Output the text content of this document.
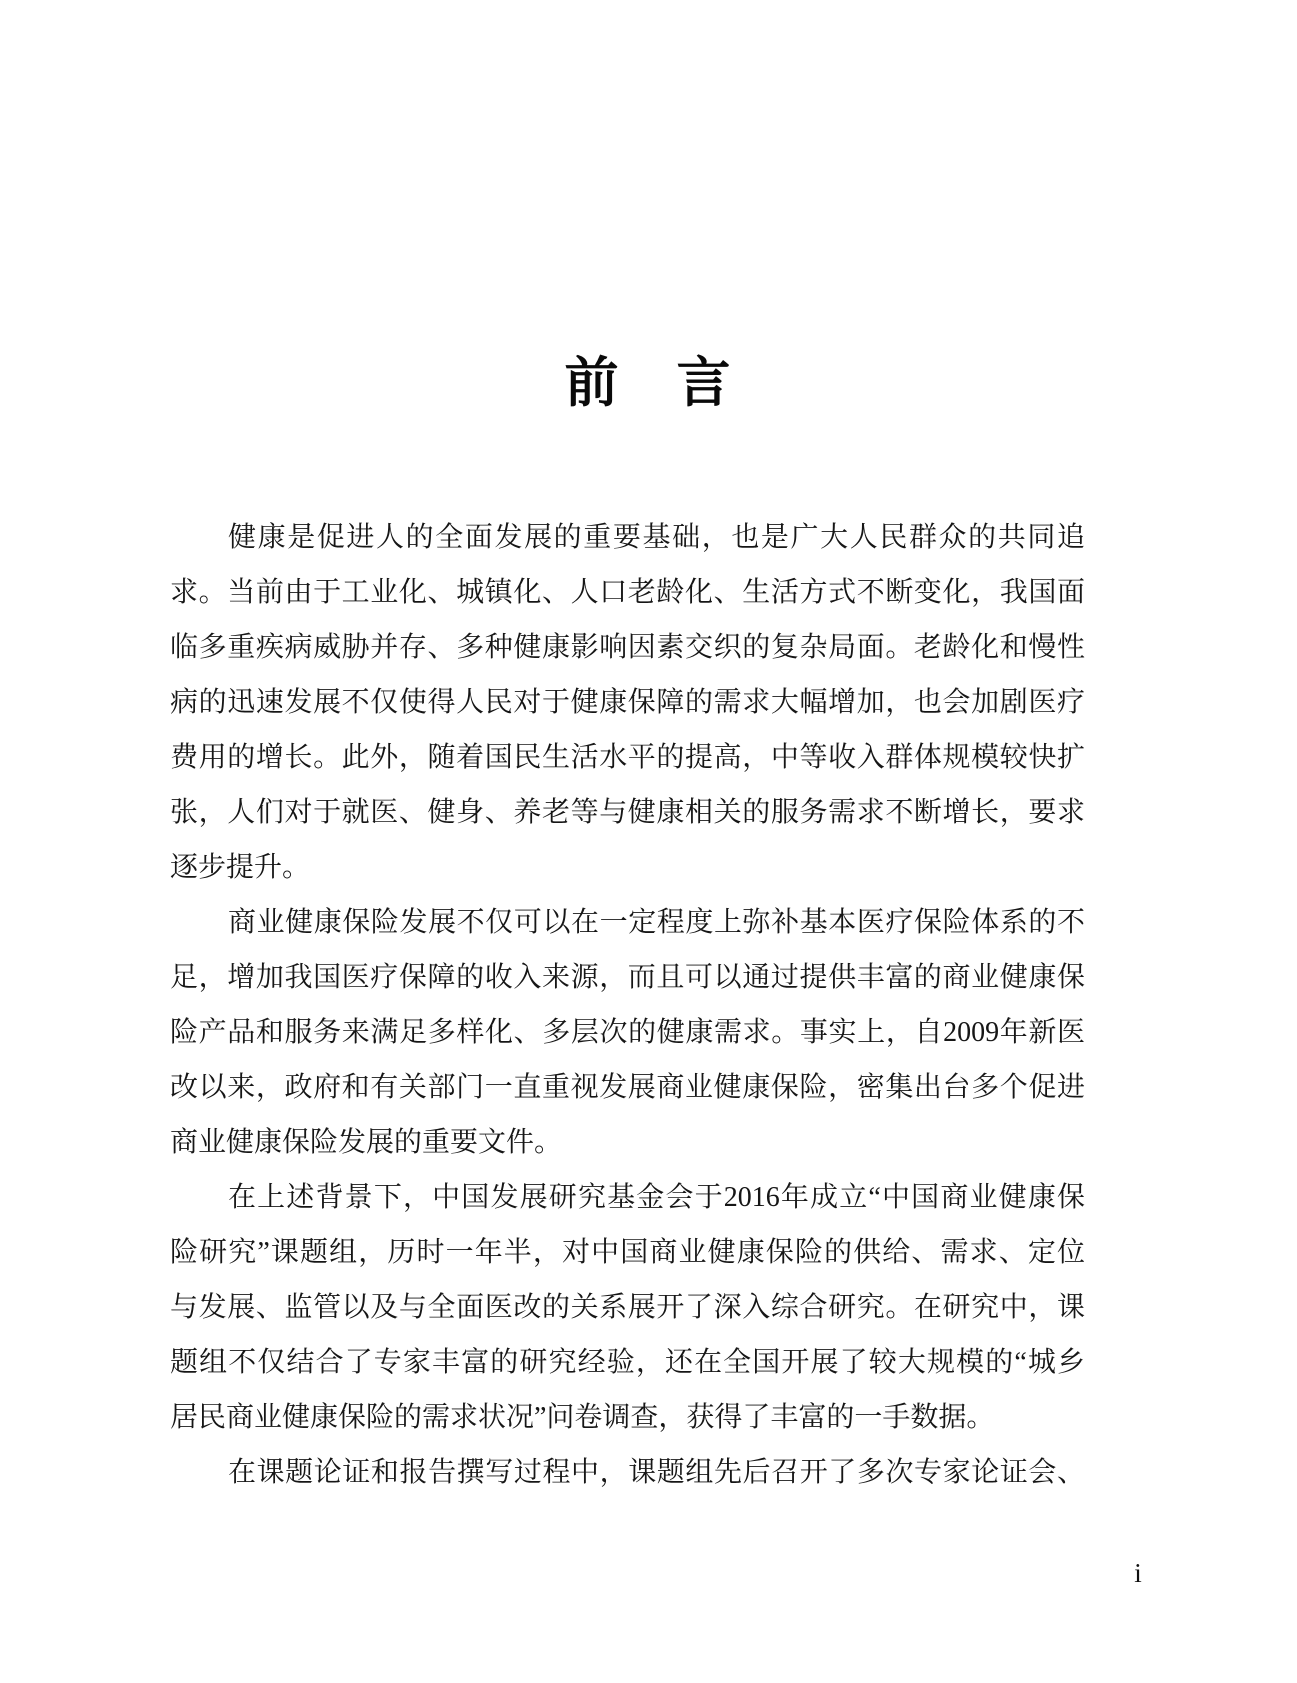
前　言
健康是促进人的全面发展的重要基础，也是广大人民群众的共同追
求。当前由于工业化、城镇化、人口老龄化、生活方式不断变化，我国面
临多重疾病威胁并存、多种健康影响因素交织的复杂局面。老龄化和慢性
病的迅速发展不仅使得人民对于健康保障的需求大幅增加，也会加剧医疗
费用的增长。此外，随着国民生活水平的提高，中等收入群体规模较快扩
张，人们对于就医、健身、养老等与健康相关的服务需求不断增长，要求
逐步提升。
商业健康保险发展不仅可以在一定程度上弥补基本医疗保险体系的不
足，增加我国医疗保障的收入来源，而且可以通过提供丰富的商业健康保
险产品和服务来满足多样化、多层次的健康需求。事实上，自2009年新医
改以来，政府和有关部门一直重视发展商业健康保险，密集出台多个促进
商业健康保险发展的重要文件。
在上述背景下，中国发展研究基金会于2016年成立“中国商业健康保
险研究”课题组，历时一年半，对中国商业健康保险的供给、需求、定位
与发展、监管以及与全面医改的关系展开了深入综合研究。在研究中，课
题组不仅结合了专家丰富的研究经验，还在全国开展了较大规模的“城乡
居民商业健康保险的需求状况”问卷调查，获得了丰富的一手数据。
在课题论证和报告撰写过程中，课题组先后召开了多次专家论证会、
i
